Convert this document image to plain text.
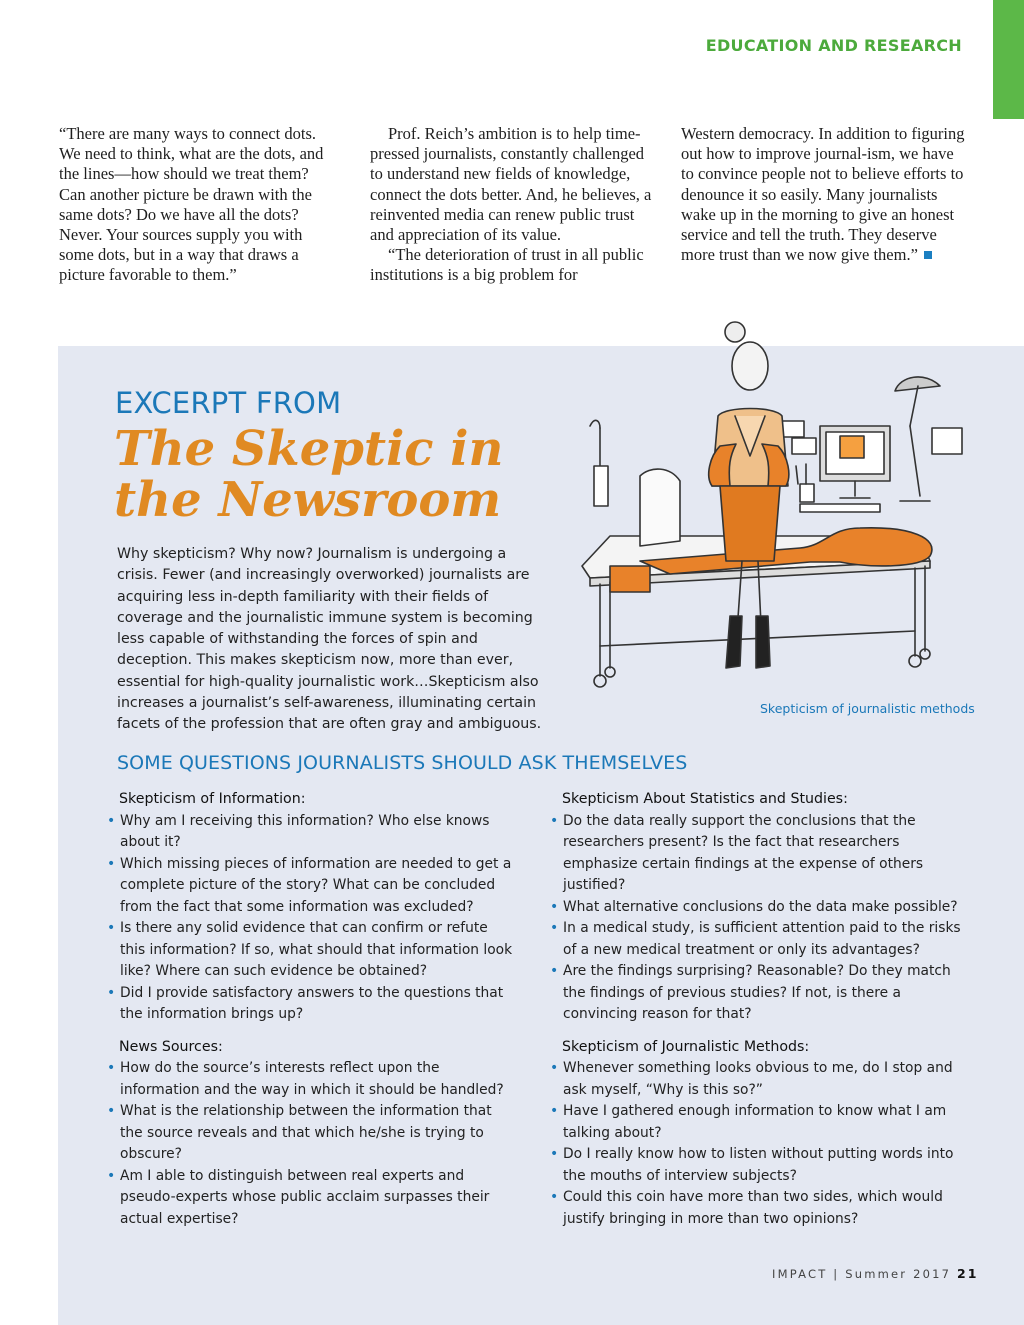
EDUCATION AND RESEARCH

“There are many ways to connect dots. We need to think, what are the dots, and the lines—how should we treat them? Can another picture be drawn with the same dots? Do we have all the dots? Never. Your sources supply you with some dots, but in a way that draws a picture favorable to them.”

Prof. Reich’s ambition is to help time-pressed journalists, constantly challenged to understand new fields of knowledge, connect the dots better. And, he believes, a reinvented media can renew public trust and appreciation of its value.

“The deterioration of trust in all public institutions is a big problem for

Western democracy. In addition to figuring out how to improve journal-ism, we have to convince people not to believe efforts to denounce it so easily. Many journalists wake up in the morning to give an honest service and tell the truth. They deserve more trust than we now give them.”

EXCERPT FROM
The Skeptic in the Newsroom
Why skepticism? Why now? Journalism is undergoing a crisis. Fewer (and increasingly overworked) journalists are acquiring less in-depth familiarity with their fields of coverage and the journalistic immune system is becoming less capable of withstanding the forces of spin and deception. This makes skepticism now, more than ever, essential for high-quality journalistic work…Skepticism also increases a journalist’s self-awareness, illuminating certain facets of the profession that are often gray and ambiguous.
Skepticism of journalistic methods
SOME QUESTIONS JOURNALISTS SHOULD ASK THEMSELVES
Skepticism of Information:
• Why am I receiving this information? Who else knows about it?
• Which missing pieces of information are needed to get a complete picture of the story? What can be concluded from the fact that some information was excluded?
• Is there any solid evidence that can confirm or refute this information? If so, what should that information look like? Where can such evidence be obtained?
• Did I provide satisfactory answers to the questions that the information brings up?
News Sources:
• How do the source’s interests reflect upon the information and the way in which it should be handled?
• What is the relationship between the information that the source reveals and that which he/she is trying to obscure?
• Am I able to distinguish between real experts and pseudo-experts whose public acclaim surpasses their actual expertise?
Skepticism About Statistics and Studies:
• Do the data really support the conclusions that the researchers present? Is the fact that researchers emphasize certain findings at the expense of others justified?
• What alternative conclusions do the data make possible?
• In a medical study, is sufficient attention paid to the risks of a new medical treatment or only its advantages?
• Are the findings surprising? Reasonable? Do they match the findings of previous studies? If not, is there a convincing reason for that?
Skepticism of Journalistic Methods:
• Whenever something looks obvious to me, do I stop and ask myself, “Why is this so?”
• Have I gathered enough information to know what I am talking about?
• Do I really know how to listen without putting words into the mouths of interview subjects?
• Could this coin have more than two sides, which would justify bringing in more than two opinions?
IMPACT | Summer 2017 21
